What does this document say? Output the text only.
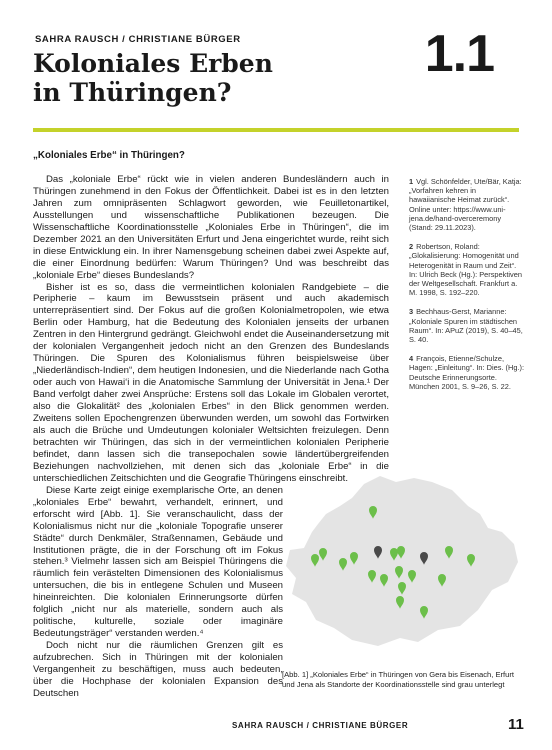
SAHRA RAUSCH / CHRISTIANE BÜRGER
Koloniales Erben
in Thüringen?
1.1
„Koloniales Erbe“ in Thüringen?

Das „koloniale Erbe“ rückt wie in vielen anderen Bundesländern auch in Thüringen zunehmend in den Fokus der Öffentlichkeit. Dabei ist es in den letzten Jahren zum omnipräsenten Schlagwort geworden, wie Feuilletonartikel, Ausstellungen und wissenschaftliche Publikationen bezeugen. Die Wissenschaftliche Koordinationsstelle „Koloniales Erbe in Thüringen“, die im Dezember 2021 an den Universitäten Erfurt und Jena eingerichtet wurde, reiht sich in diese Entwicklung ein. In ihrer Namensgebung scheinen dabei zwei Aspekte auf, die einer Einordnung bedürfen: Warum Thüringen? Und was beschreibt das „koloniale Erbe“ dieses Bundeslands?

Bisher ist es so, dass die vermeintlichen kolonialen Randgebiete – die Peripherie – kaum im Bewusstsein präsent und auch akademisch unterrepräsentiert sind. Der Fokus auf die großen Kolonialmetropolen, wie etwa Berlin oder Hamburg, hat die Bedeutung des Kolonialen jenseits der urbanen Zentren in den Hintergrund gedrängt. Gleichwohl endet die Auseinandersetzung mit der kolonialen Vergangenheit jedoch nicht an den Grenzen des Bundeslands Thüringen. Die Spuren des Kolonialismus führen beispielsweise über „Niederländisch-Indien“, dem heutigen Indonesien, und die Niederlande nach Gotha oder auch von Hawai‘i in die Anatomische Sammlung der Universität in Jena.¹ Der Band verfolgt daher zwei Ansprüche: Erstens soll das Lokale im Globalen verortet, also die Glokalität² des „kolonialen Erbes“ in den Blick genommen werden. Zweitens sollen Epochengrenzen überwunden werden, um sowohl das Fortwirken als auch die Brüche und Umdeutungen kolonialer Weltsichten freizulegen. Denn betrachten wir Thüringen, das sich in der vermeintlichen kolonialen Peripherie befindet, dann lassen sich die transepochalen sowie ländertübergreifenden Beziehungen nachvollziehen, mit denen sich das „koloniale Erbe“ in die unterschiedlichen Zeitschichten und die Geografie Thüringens einschreibt.

Diese Karte zeigt einige exemplarische Orte, an denen „koloniales Erbe“ bewahrt, verhandelt, erinnert, und erforscht wird [Abb. 1]. Sie veranschaulicht, dass der Kolonialismus nicht nur die „koloniale Topografie unserer Städte“ durch Denkmäler, Straßennamen, Gebäude und Institutionen prägte, die in der Forschung oft im Fokus stehen.³ Vielmehr lassen sich am Beispiel Thüringens die räumlich fein verästelten Dimensionen des Kolonialismus untersuchen, die bis in entlegene Schulen und Museen hineinreichten. Die kolonialen Erinnerungsorte dürfen folglich „nicht nur als materielle, sondern auch als politische, kulturelle, soziale oder imaginäre Bedeutungsträger“ verstanden werden.⁴

Doch nicht nur die räumlichen Grenzen gilt es aufzubrechen. Sich in Thüringen mit der kolonialen Vergangenheit zu beschäftigen, muss auch bedeuten, über die Hochphase der kolonialen Expansion des Deutschen

1 Vgl. Schönfelder, Ute/Bär, Katja: „Vorfahren kehren in hawaiianische Heimat zurück“. Online unter: https://www.uni-jena.de/hand-overceremony (Stand: 29.11.2023).
2 Robertson, Roland: „Glokalisierung: Homogenität und Heterogenität in Raum und Zeit“. In: Ulrich Beck (Hg.): Perspektiven der Weltgesellschaft. Frankfurt a. M. 1998, S. 192–220.
3 Bechhaus-Gerst, Marianne: „Koloniale Spuren im städtischen Raum“. In: APuZ (2019), S. 40–45, S. 40.
4 François, Etienne/Schulze, Hagen: „Einleitung“. In: Dies. (Hg.): Deutsche Erinnerungsorte. München 2001, S. 9–26, S. 22.
[Abb. 1] „Koloniales Erbe“ in Thüringen von Gera bis Eisenach, Erfurt und Jena als Standorte der Koordinationsstelle sind grau unterlegt
SAHRA RAUSCH / CHRISTIANE BÜRGER	11
